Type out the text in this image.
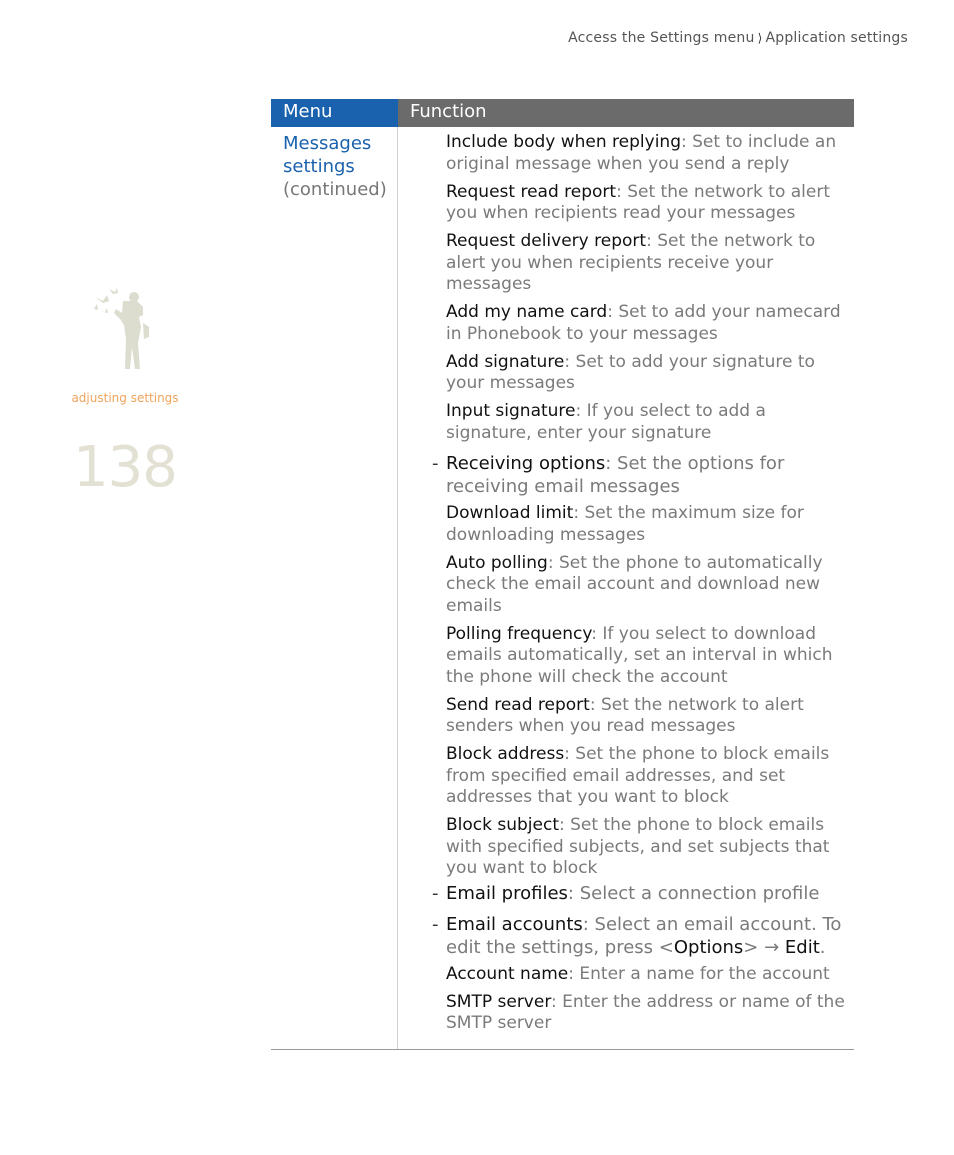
Access the Settings menu ⟩ Application settings
adjusting settings
138
Menu	Function
Messages
settings
(continued)
Include body when replying: Set to include an original message when you send a reply
Request read report: Set the network to alert you when recipients read your messages
Request delivery report: Set the network to alert you when recipients receive your messages
Add my name card: Set to add your namecard in Phonebook to your messages
Add signature: Set to add your signature to your messages
Input signature: If you select to add a signature, enter your signature
- Receiving options: Set the options for receiving email messages
Download limit: Set the maximum size for downloading messages
Auto polling: Set the phone to automatically check the email account and download new emails
Polling frequency: If you select to download emails automatically, set an interval in which the phone will check the account
Send read report: Set the network to alert senders when you read messages
Block address: Set the phone to block emails from specified email addresses, and set addresses that you want to block
Block subject: Set the phone to block emails with specified subjects, and set subjects that you want to block
- Email profiles: Select a connection profile
- Email accounts: Select an email account. To edit the settings, press <Options> → Edit.
Account name: Enter a name for the account
SMTP server: Enter the address or name of the SMTP server
